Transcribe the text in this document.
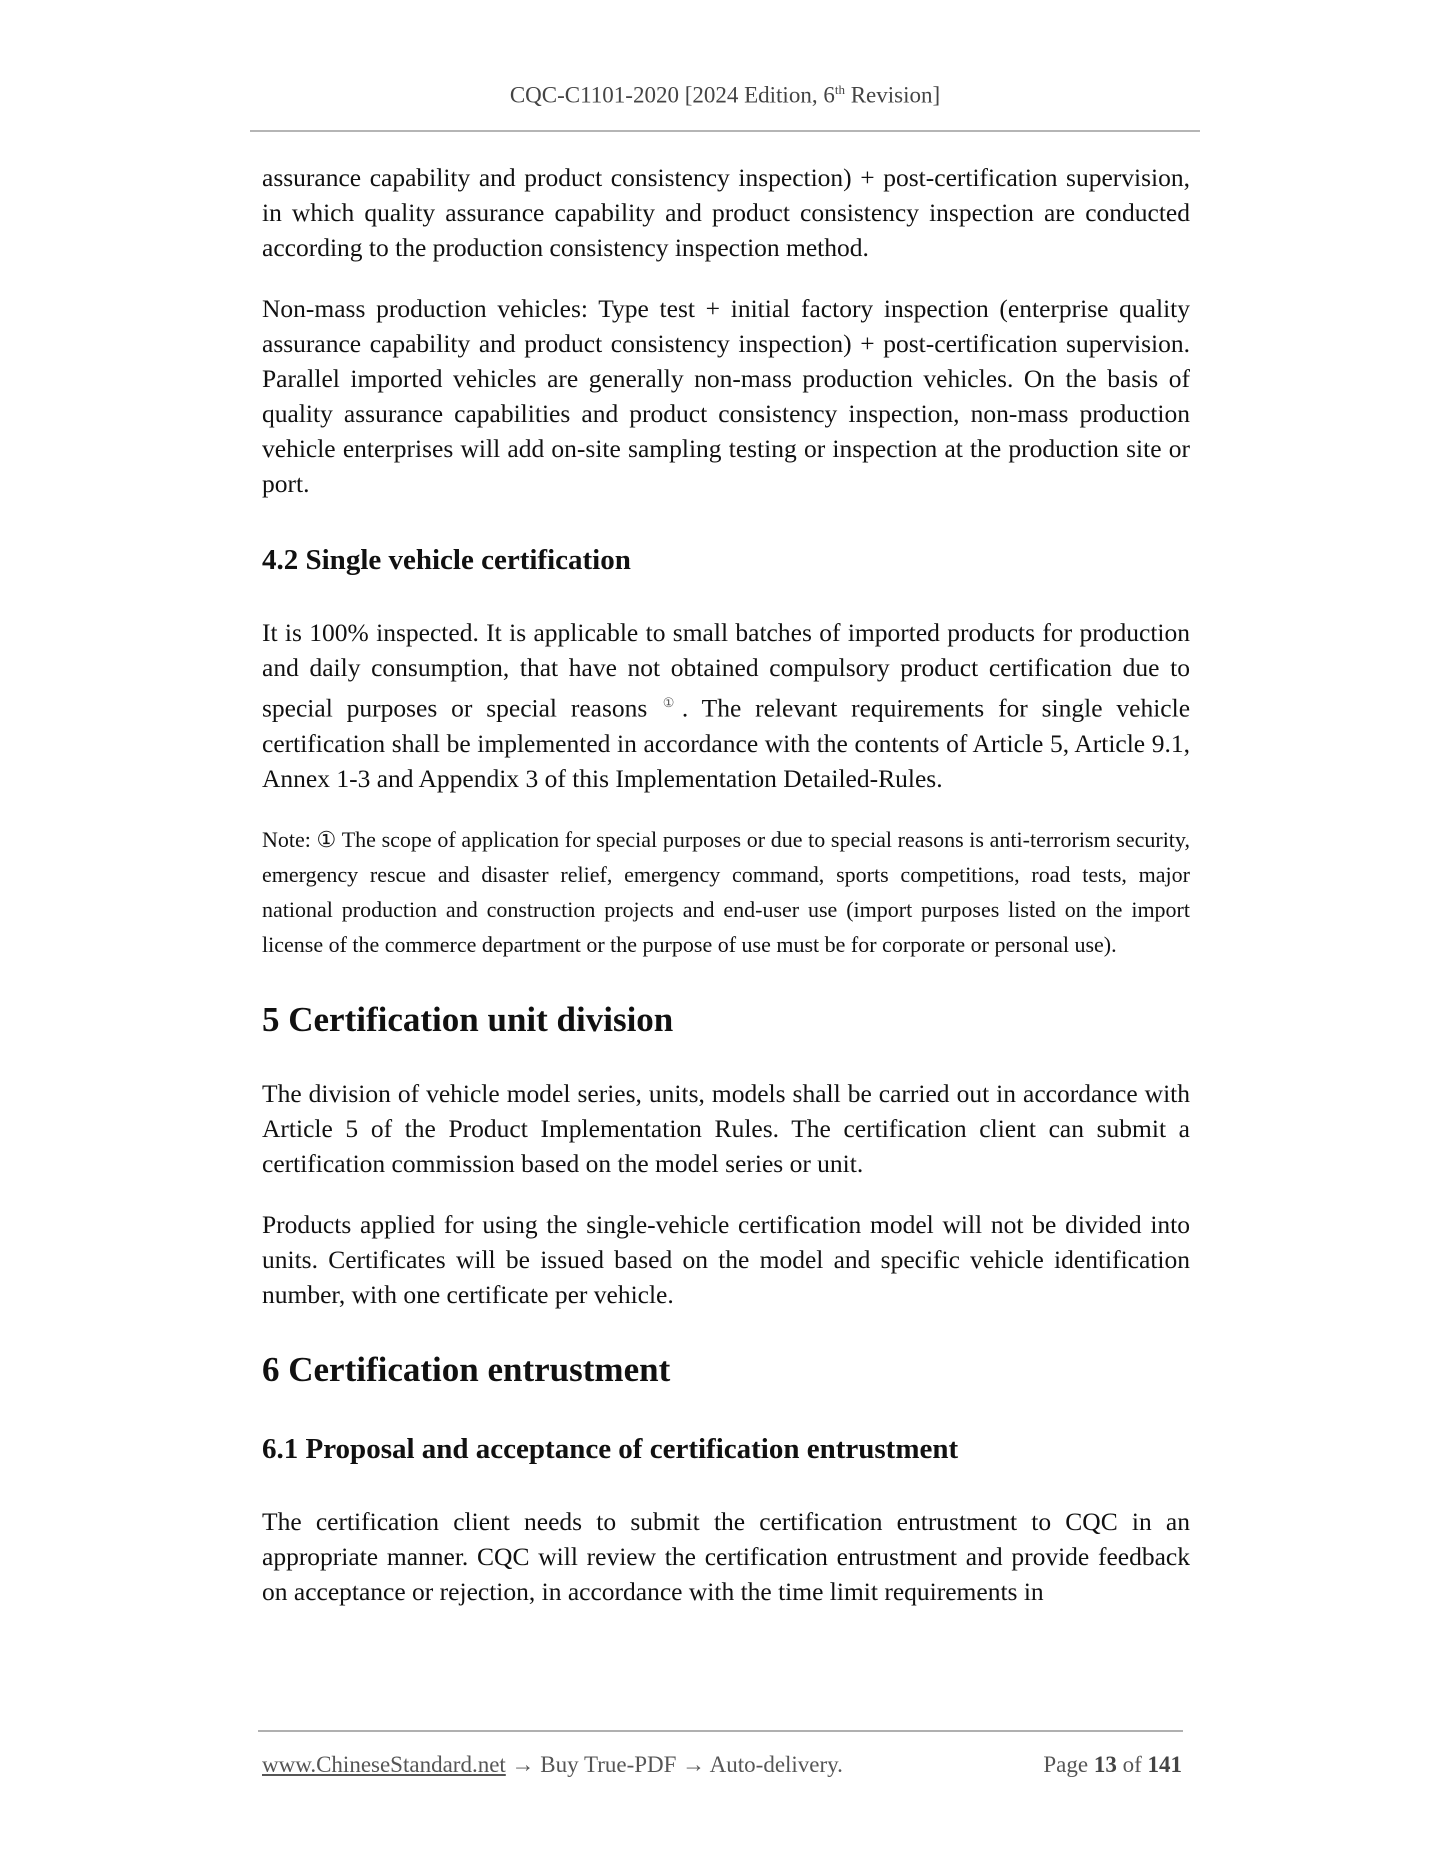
CQC-C1101-2020 [2024 Edition, 6th Revision]

assurance capability and product consistency inspection) + post-certification supervision, in which quality assurance capability and product consistency inspection are conducted according to the production consistency inspection method.

Non-mass production vehicles: Type test + initial factory inspection (enterprise quality assurance capability and product consistency inspection) + post-certification supervision. Parallel imported vehicles are generally non-mass production vehicles. On the basis of quality assurance capabilities and product consistency inspection, non-mass production vehicle enterprises will add on-site sampling testing or inspection at the production site or port.

4.2 Single vehicle certification

It is 100% inspected. It is applicable to small batches of imported products for production and daily consumption, that have not obtained compulsory product certification due to special purposes or special reasons ①. The relevant requirements for single vehicle certification shall be implemented in accordance with the contents of Article 5, Article 9.1, Annex 1-3 and Appendix 3 of this Implementation Detailed-Rules.

Note: ① The scope of application for special purposes or due to special reasons is anti-terrorism security, emergency rescue and disaster relief, emergency command, sports competitions, road tests, major national production and construction projects and end-user use (import purposes listed on the import license of the commerce department or the purpose of use must be for corporate or personal use).

5 Certification unit division

The division of vehicle model series, units, models shall be carried out in accordance with Article 5 of the Product Implementation Rules. The certification client can submit a certification commission based on the model series or unit.

Products applied for using the single-vehicle certification model will not be divided into units. Certificates will be issued based on the model and specific vehicle identification number, with one certificate per vehicle.

6 Certification entrustment
6.1 Proposal and acceptance of certification entrustment

The certification client needs to submit the certification entrustment to CQC in an appropriate manner. CQC will review the certification entrustment and provide feedback on acceptance or rejection, in accordance with the time limit requirements in

www.ChineseStandard.net → Buy True-PDF → Auto-delivery.	Page 13 of 141
